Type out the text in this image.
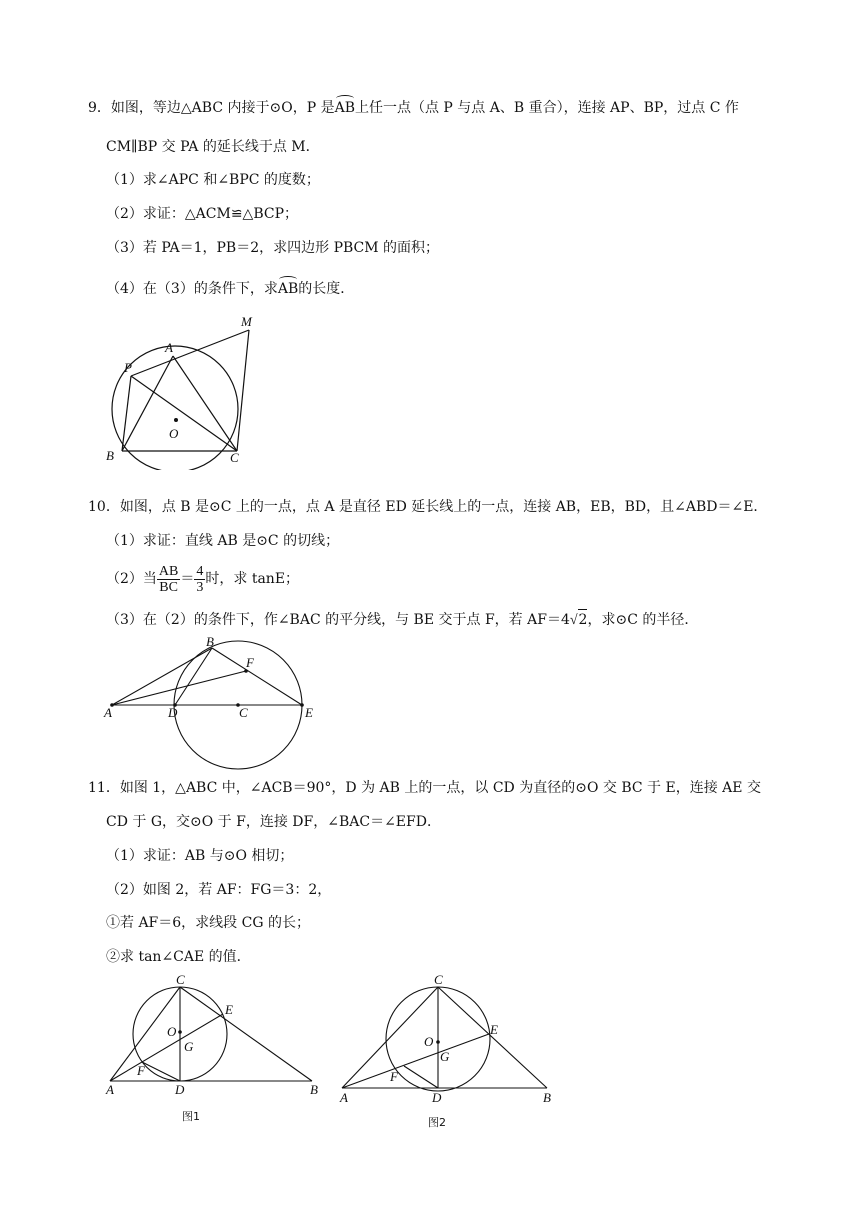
9．如图，等边△ABC 内接于⊙O，P 是AB上任一点（点 P 与点 A、B 重合），连接 AP、BP，过点 C 作
CM∥BP 交 PA 的延长线于点 M．
（1）求∠APC 和∠BPC 的度数；
（2）求证：△ACM≌△BCP；
（3）若 PA＝1，PB＝2，求四边形 PBCM 的面积；
（4）在（3）的条件下，求AB的长度．
M
A
P
O
B	C
10．如图，点 B 是⊙C 上的一点，点 A 是直径 ED 延长线上的一点，连接 AB，EB，BD，且∠ABD＝∠E．
（1）求证：直线 AB 是⊙C 的切线；
（2）当 $\frac{AB}{BC} = \frac{4}{3}$ 时，求 tanE；
（3）在（2）的条件下，作∠BAC 的平分线，与 BE 交于点 F，若 AF＝4√2，求⊙C 的半径．
B
F
A	D	C	E
11．如图 1，△ABC 中，∠ACB＝90°，D 为 AB 上的一点，以 CD 为直径的⊙O 交 BC 于 E，连接 AE 交
CD 于 G，交⊙O 于 F，连接 DF，∠BAC＝∠EFD．
（1）求证：AB 与⊙O 相切；
（2）如图 2，若 AF：FG＝3：2，
①若 AF＝6，求线段 CG 的长；
②求 tan∠CAE 的值．
C
E
O
G
F
A	D	B
图1
C
E
O
G
F
A	D	B
图2
